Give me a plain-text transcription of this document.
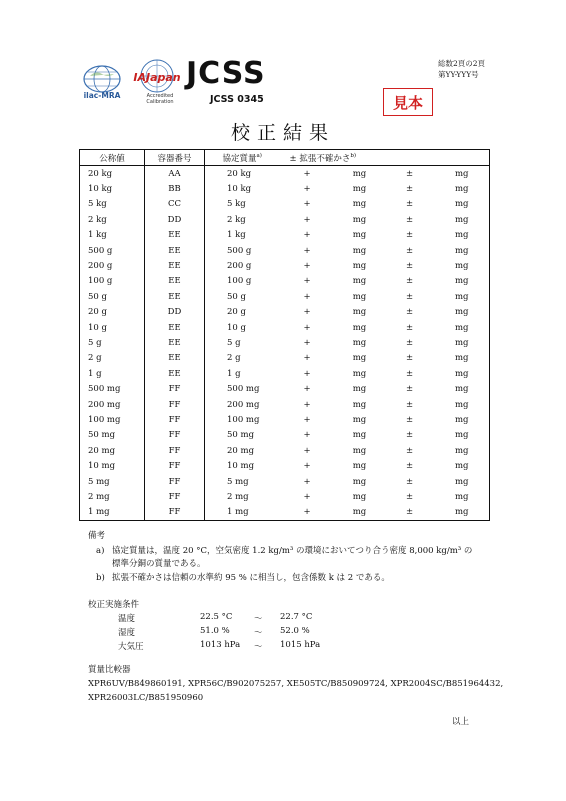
総数2頁の2頁
第YY-YYY号
ilac-MRA
IAJapan
Accredited Calibration
JCSS
JCSS 0345	見本
校正結果
公称値	容器番号	協定質量$^{a)}$	± 拡張不確かさ$^{b)}$
20 kg	AA	20 kg	+	mg	±	mg
10 kg	BB	10 kg	+	mg	±	mg
5 kg	CC	5 kg	+	mg	±	mg
2 kg	DD	2 kg	+	mg	±	mg
1 kg	EE	1 kg	+	mg	±	mg
500 g	EE	500 g	+	mg	±	mg
200 g	EE	200 g	+	mg	±	mg
100 g	EE	100 g	+	mg	±	mg
50 g	EE	50 g	+	mg	±	mg
20 g	DD	20 g	+	mg	±	mg
10 g	EE	10 g	+	mg	±	mg
5 g	EE	5 g	+	mg	±	mg
2 g	EE	2 g	+	mg	±	mg
1 g	EE	1 g	+	mg	±	mg
500 mg	FF	500 mg	+	mg	±	mg
200 mg	FF	200 mg	+	mg	±	mg
100 mg	FF	100 mg	+	mg	±	mg
50 mg	FF	50 mg	+	mg	±	mg
20 mg	FF	20 mg	+	mg	±	mg
10 mg	FF	10 mg	+	mg	±	mg
5 mg	FF	5 mg	+	mg	±	mg
2 mg	FF	2 mg	+	mg	±	mg
1 mg	FF	1 mg	+	mg	±	mg
備考
a) 協定質量は，温度 20 °C，空気密度 1.2 kg/m³ の環境においてつり合う密度 8,000 kg/m³ の
標準分銅の質量である。
b) 拡張不確かさは信頼の水準約 95 % に相当し，包含係数 k は 2 である。
校正実施条件
温度	22.5 °C	〜 22.7 °C
湿度	51.0 %	〜 52.0 %
大気圧	1013 hPa 〜 1015 hPa
質量比較器
XPR6UV/B849860191, XPR56C/B902075257, XE505TC/B850909724, XPR2004SC/B851964432,
XPR26003LC/B851950960
以上
